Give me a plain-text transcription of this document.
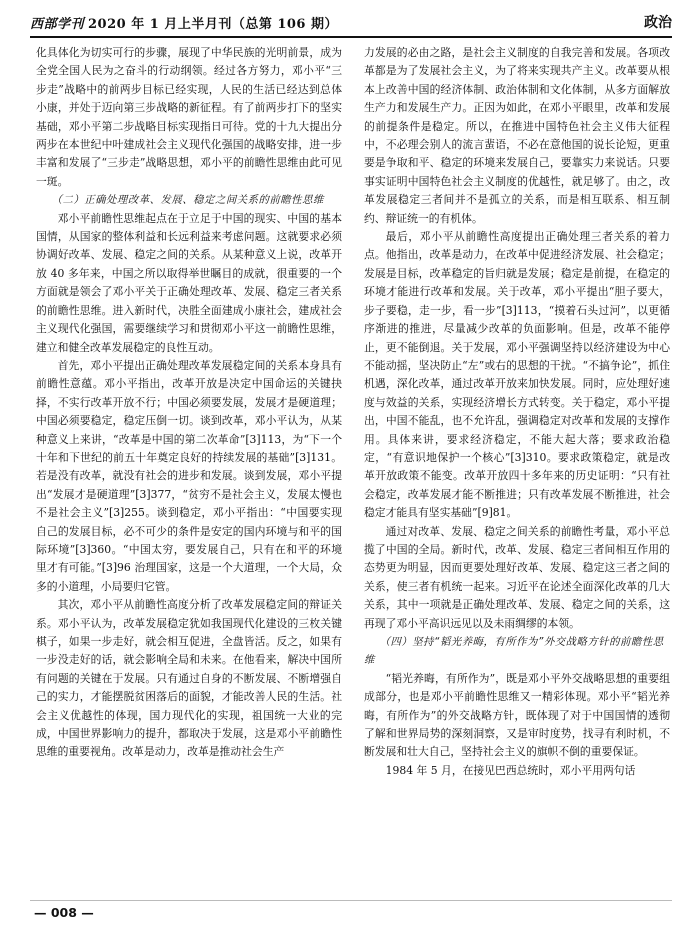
西部学刊 2020 年 1 月上半月刊（总第 106 期）	政治

化具体化为切实可行的步骤，展现了中华民族的光明前景，成为全党全国人民为之奋斗的行动纲领。经过各方努力，邓小平“三步走”战略中的前两步目标已经实现，人民的生活已经达到总体小康，并处于迈向第三步战略的新征程。有了前两步打下的坚实基础，邓小平第二步战略目标实现指日可待。党的十九大提出分两步在本世纪中叶建成社会主义现代化强国的战略安排，进一步丰富和发展了“三步走”战略思想，邓小平的前瞻性思维由此可见一斑。

（二）正确处理改革、发展、稳定之间关系的前瞻性思维

邓小平前瞻性思维起点在于立足于中国的现实、中国的基本国情，从国家的整体利益和长远利益来考虑问题。这就要求必须协调好改革、发展、稳定之间的关系。从某种意义上说，改革开放 40 多年来，中国之所以取得举世瞩目的成就，很重要的一个方面就是领会了邓小平关于正确处理改革、发展、稳定三者关系的前瞻性思维。进入新时代，决胜全面建成小康社会，建成社会主义现代化强国，需要继续学习和贯彻邓小平这一前瞻性思维，建立和健全改革发展稳定的良性互动。

首先，邓小平提出正确处理改革发展稳定间的关系本身具有前瞻性意蕴。邓小平指出，改革开放是决定中国命运的关键抉择，不实行改革开放不行；中国必须要发展，发展才是硬道理；中国必须要稳定，稳定压倒一切。谈到改革，邓小平认为，从某种意义上来讲，“改革是中国的第二次革命”[3]113，为“下一个十年和下世纪的前五十年奠定良好的持续发展的基础”[3]131。若是没有改革，就没有社会的进步和发展。谈到发展，邓小平提出“发展才是硬道理”[3]377，“贫穷不是社会主义，发展太慢也不是社会主义”[3]255。谈到稳定，邓小平指出：“中国要实现自己的发展目标，必不可少的条件是安定的国内环境与和平的国际环境”[3]360。“中国太穷，要发展自己，只有在和平的环境里才有可能。”[3]96 治理国家，这是一个大道理，一个大局，众多的小道理，小局要归它管。

其次，邓小平从前瞻性高度分析了改革发展稳定间的辩证关系。邓小平认为，改革发展稳定犹如我国现代化建设的三枚关键棋子，如果一步走好，就会相互促进，全盘皆活。反之，如果有一步没走好的话，就会影响全局和未来。在他看来，解决中国所有问题的关键在于发展。只有通过自身的不断发展、不断增强自己的实力，才能摆脱贫困落后的面貌，才能改善人民的生活。社会主义优越性的体现，国力现代化的实现，祖国统一大业的完成，中国世界影响力的提升，都取决于发展，这是邓小平前瞻性思维的重要视角。改革是动力，改革是推动社会生产

力发展的必由之路，是社会主义制度的自我完善和发展。各项改革都是为了发展社会主义，为了将来实现共产主义。改革要从根本上改善中国的经济体制、政治体制和文化体制，从多方面解放生产力和发展生产力。正因为如此，在邓小平眼里，改革和发展的前提条件是稳定。所以，在推进中国特色社会主义伟大征程中，不必理会别人的流言蜚语，不必在意他国的说长论短，更重要是争取和平、稳定的环境来发展自己，要靠实力来说话。只要事实证明中国特色社会主义制度的优越性，就足够了。由之，改革发展稳定三者间并不是孤立的关系，而是相互联系、相互制约、辩证统一的有机体。

最后，邓小平从前瞻性高度提出正确处理三者关系的着力点。他指出，改革是动力，在改革中促进经济发展、社会稳定；发展是目标，改革稳定的旨归就是发展；稳定是前提，在稳定的环境才能进行改革和发展。关于改革，邓小平提出“胆子要大，步子要稳，走一步，看一步”[3]113，“摸着石头过河”，以更循序渐进的推进，尽量减少改革的负面影响。但是，改革不能停止，更不能倒退。关于发展，邓小平强调坚持以经济建设为中心不能动摇，坚决防止“左”或右的思想的干扰。“不搞争论”，抓住机遇，深化改革，通过改革开放来加快发展。同时，应处理好速度与效益的关系，实现经济增长方式转变。关于稳定，邓小平提出，中国不能乱，也不允许乱，强调稳定对改革和发展的支撑作用。具体来讲，要求经济稳定，不能大起大落；要求政治稳定，“有意识地保护一个核心”[3]310。要求政策稳定，就是改革开放政策不能变。改革开放四十多年来的历史证明：“只有社会稳定，改革发展才能不断推进；只有改革发展不断推进，社会稳定才能具有坚实基础”[9]81。

通过对改革、发展、稳定之间关系的前瞻性考量，邓小平总揽了中国的全局。新时代，改革、发展、稳定三者间相互作用的态势更为明显，因而更要处理好改革、发展、稳定这三者之间的关系，使三者有机统一起来。习近平在论述全面深化改革的几大关系，其中一项就是正确处理改革、发展、稳定之间的关系，这再现了邓小平高识远见以及未雨绸缪的本领。

（四）坚持“韬光养晦，有所作为”外交战略方针的前瞻性思维

“韬光养晦，有所作为”，既是邓小平外交战略思想的重要组成部分，也是邓小平前瞻性思维又一精彩体现。邓小平“韬光养晦，有所作为”的外交战略方针，既体现了对于中国国情的透彻了解和世界局势的深刻洞察，又是审时度势，找寻有利时机，不断发展和壮大自己，坚持社会主义的旗帜不倒的重要保证。

1984 年 5 月，在接见巴西总统时，邓小平用两句话

— 008 —
